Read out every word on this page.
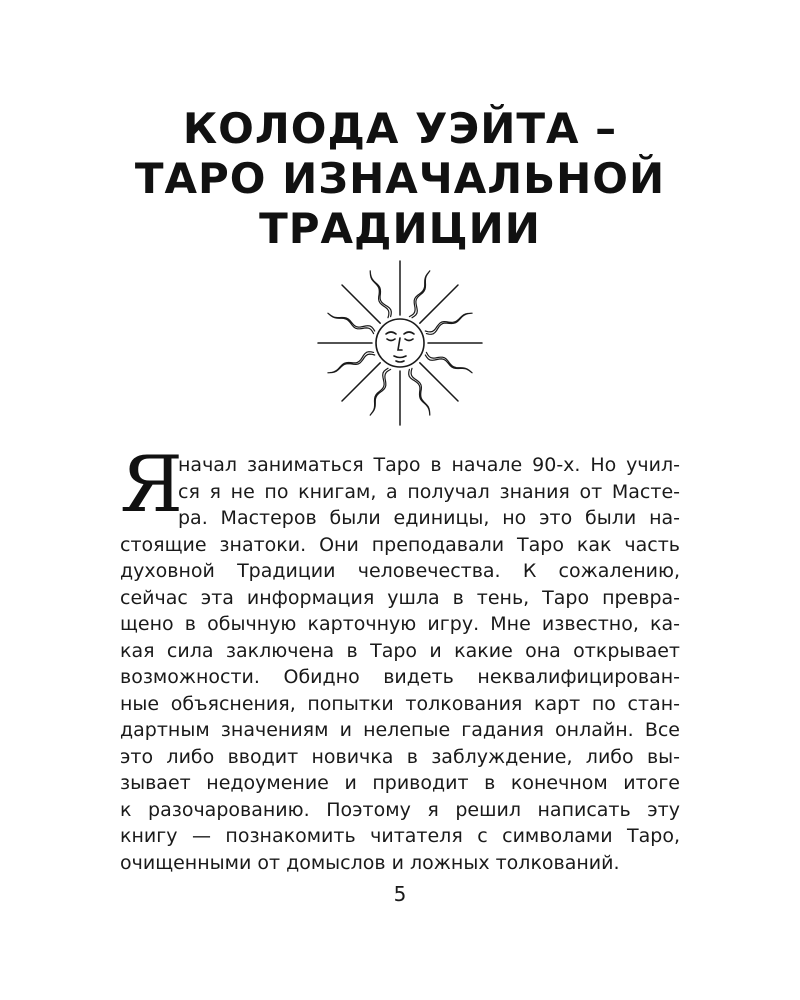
КОЛОДА УЭЙТА –
ТАРО ИЗНАЧАЛЬНОЙ
ТРАДИЦИИ
Я
начал заниматься Таро в начале 90-х. Но учил-
ся я не по книгам, а получал знания от Масте-
ра. Мастеров были единицы, но это были на-
стоящие знатоки. Они преподавали Таро как часть
духовной Традиции человечества. К сожалению,
сейчас эта информация ушла в тень, Таро превра-
щено в обычную карточную игру. Мне известно, ка-
кая сила заключена в Таро и какие она открывает
возможности. Обидно видеть неквалифицирован-
ные объяснения, попытки толкования карт по стан-
дартным значениям и нелепые гадания онлайн. Все
это либо вводит новичка в заблуждение, либо вы-
зывает недоумение и приводит в конечном итоге
к разочарованию. Поэтому я решил написать эту
книгу — познакомить читателя с символами Таро,
очищенными от домыслов и ложных толкований.
5
